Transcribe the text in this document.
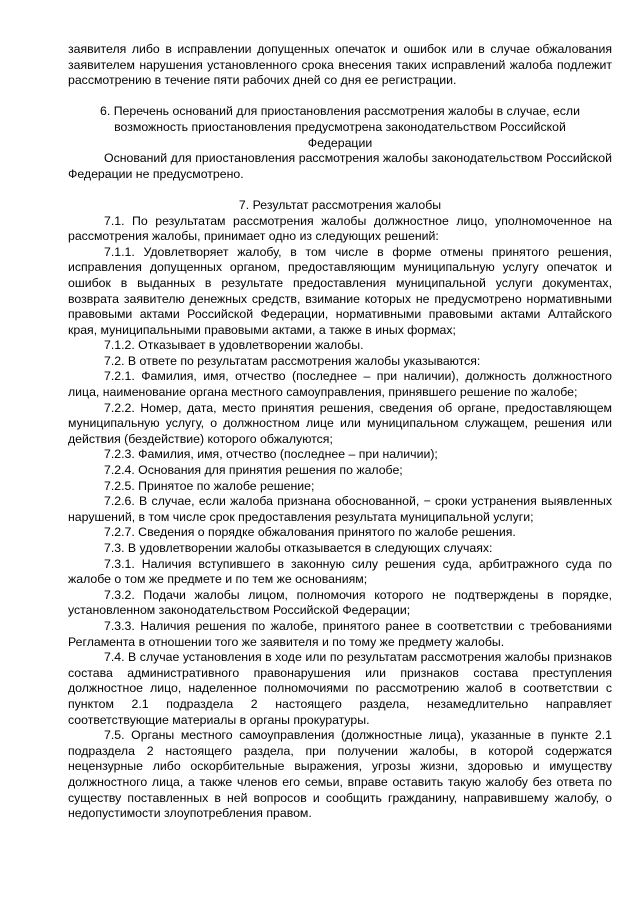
заявителя либо в исправлении допущенных опечаток и ошибок или в случае обжалования заявителем нарушения установленного срока внесения таких исправлений жалоба подлежит рассмотрению в течение пяти рабочих дней со дня ее регистрации.

6. Перечень оснований для приостановления рассмотрения жалобы в случае, если возможность приостановления предусмотрена законодательством Российской Федерации

Оснований для приостановления рассмотрения жалобы законодательством Российской Федерации не предусмотрено.

7. Результат рассмотрения жалобы

7.1. По результатам рассмотрения жалобы должностное лицо, уполномоченное на рассмотрения жалобы, принимает одно из следующих решений:

7.1.1. Удовлетворяет жалобу, в том числе в форме отмены принятого решения, исправления допущенных органом, предоставляющим муниципальную услугу опечаток и ошибок в выданных в результате предоставления муниципальной услуги документах, возврата заявителю денежных средств, взимание которых не предусмотрено нормативными правовыми актами Российской Федерации, нормативными правовыми актами Алтайского края, муниципальными правовыми актами, а также в иных формах;

7.1.2. Отказывает в удовлетворении жалобы.

7.2. В ответе по результатам рассмотрения жалобы указываются:

7.2.1. Фамилия, имя, отчество (последнее – при наличии), должность должностного лица, наименование органа местного самоуправления, принявшего решение по жалобе;

7.2.2. Номер, дата, место принятия решения, сведения об органе, предоставляющем муниципальную услугу, о должностном лице или муниципальном служащем, решения или действия (бездействие) которого обжалуются;

7.2.3. Фамилия, имя, отчество (последнее – при наличии);

7.2.4. Основания для принятия решения по жалобе;

7.2.5. Принятое по жалобе решение;

7.2.6. В случае, если жалоба признана обоснованной, − сроки устранения выявленных нарушений, в том числе срок предоставления результата муниципальной услуги;

7.2.7. Сведения о порядке обжалования принятого по жалобе решения.

7.3. В удовлетворении жалобы отказывается в следующих случаях:

7.3.1. Наличия вступившего в законную силу решения суда, арбитражного суда по жалобе о том же предмете и по тем же основаниям;

7.3.2. Подачи жалобы лицом, полномочия которого не подтверждены в порядке, установленном законодательством Российской Федерации;

7.3.3. Наличия решения по жалобе, принятого ранее в соответствии с требованиями Регламента в отношении того же заявителя и по тому же предмету жалобы.

7.4. В случае установления в ходе или по результатам рассмотрения жалобы признаков состава административного правонарушения или признаков состава преступления должностное лицо, наделенное полномочиями по рассмотрению жалоб в соответствии с пунктом 2.1 подраздела 2 настоящего раздела, незамедлительно направляет соответствующие материалы в органы прокуратуры.

7.5. Органы местного самоуправления (должностные лица), указанные в пункте 2.1 подраздела 2 настоящего раздела, при получении жалобы, в которой содержатся нецензурные либо оскорбительные выражения, угрозы жизни, здоровью и имуществу должностного лица, а также членов его семьи, вправе оставить такую жалобу без ответа по существу поставленных в ней вопросов и сообщить гражданину, направившему жалобу, о недопустимости злоупотребления правом.
